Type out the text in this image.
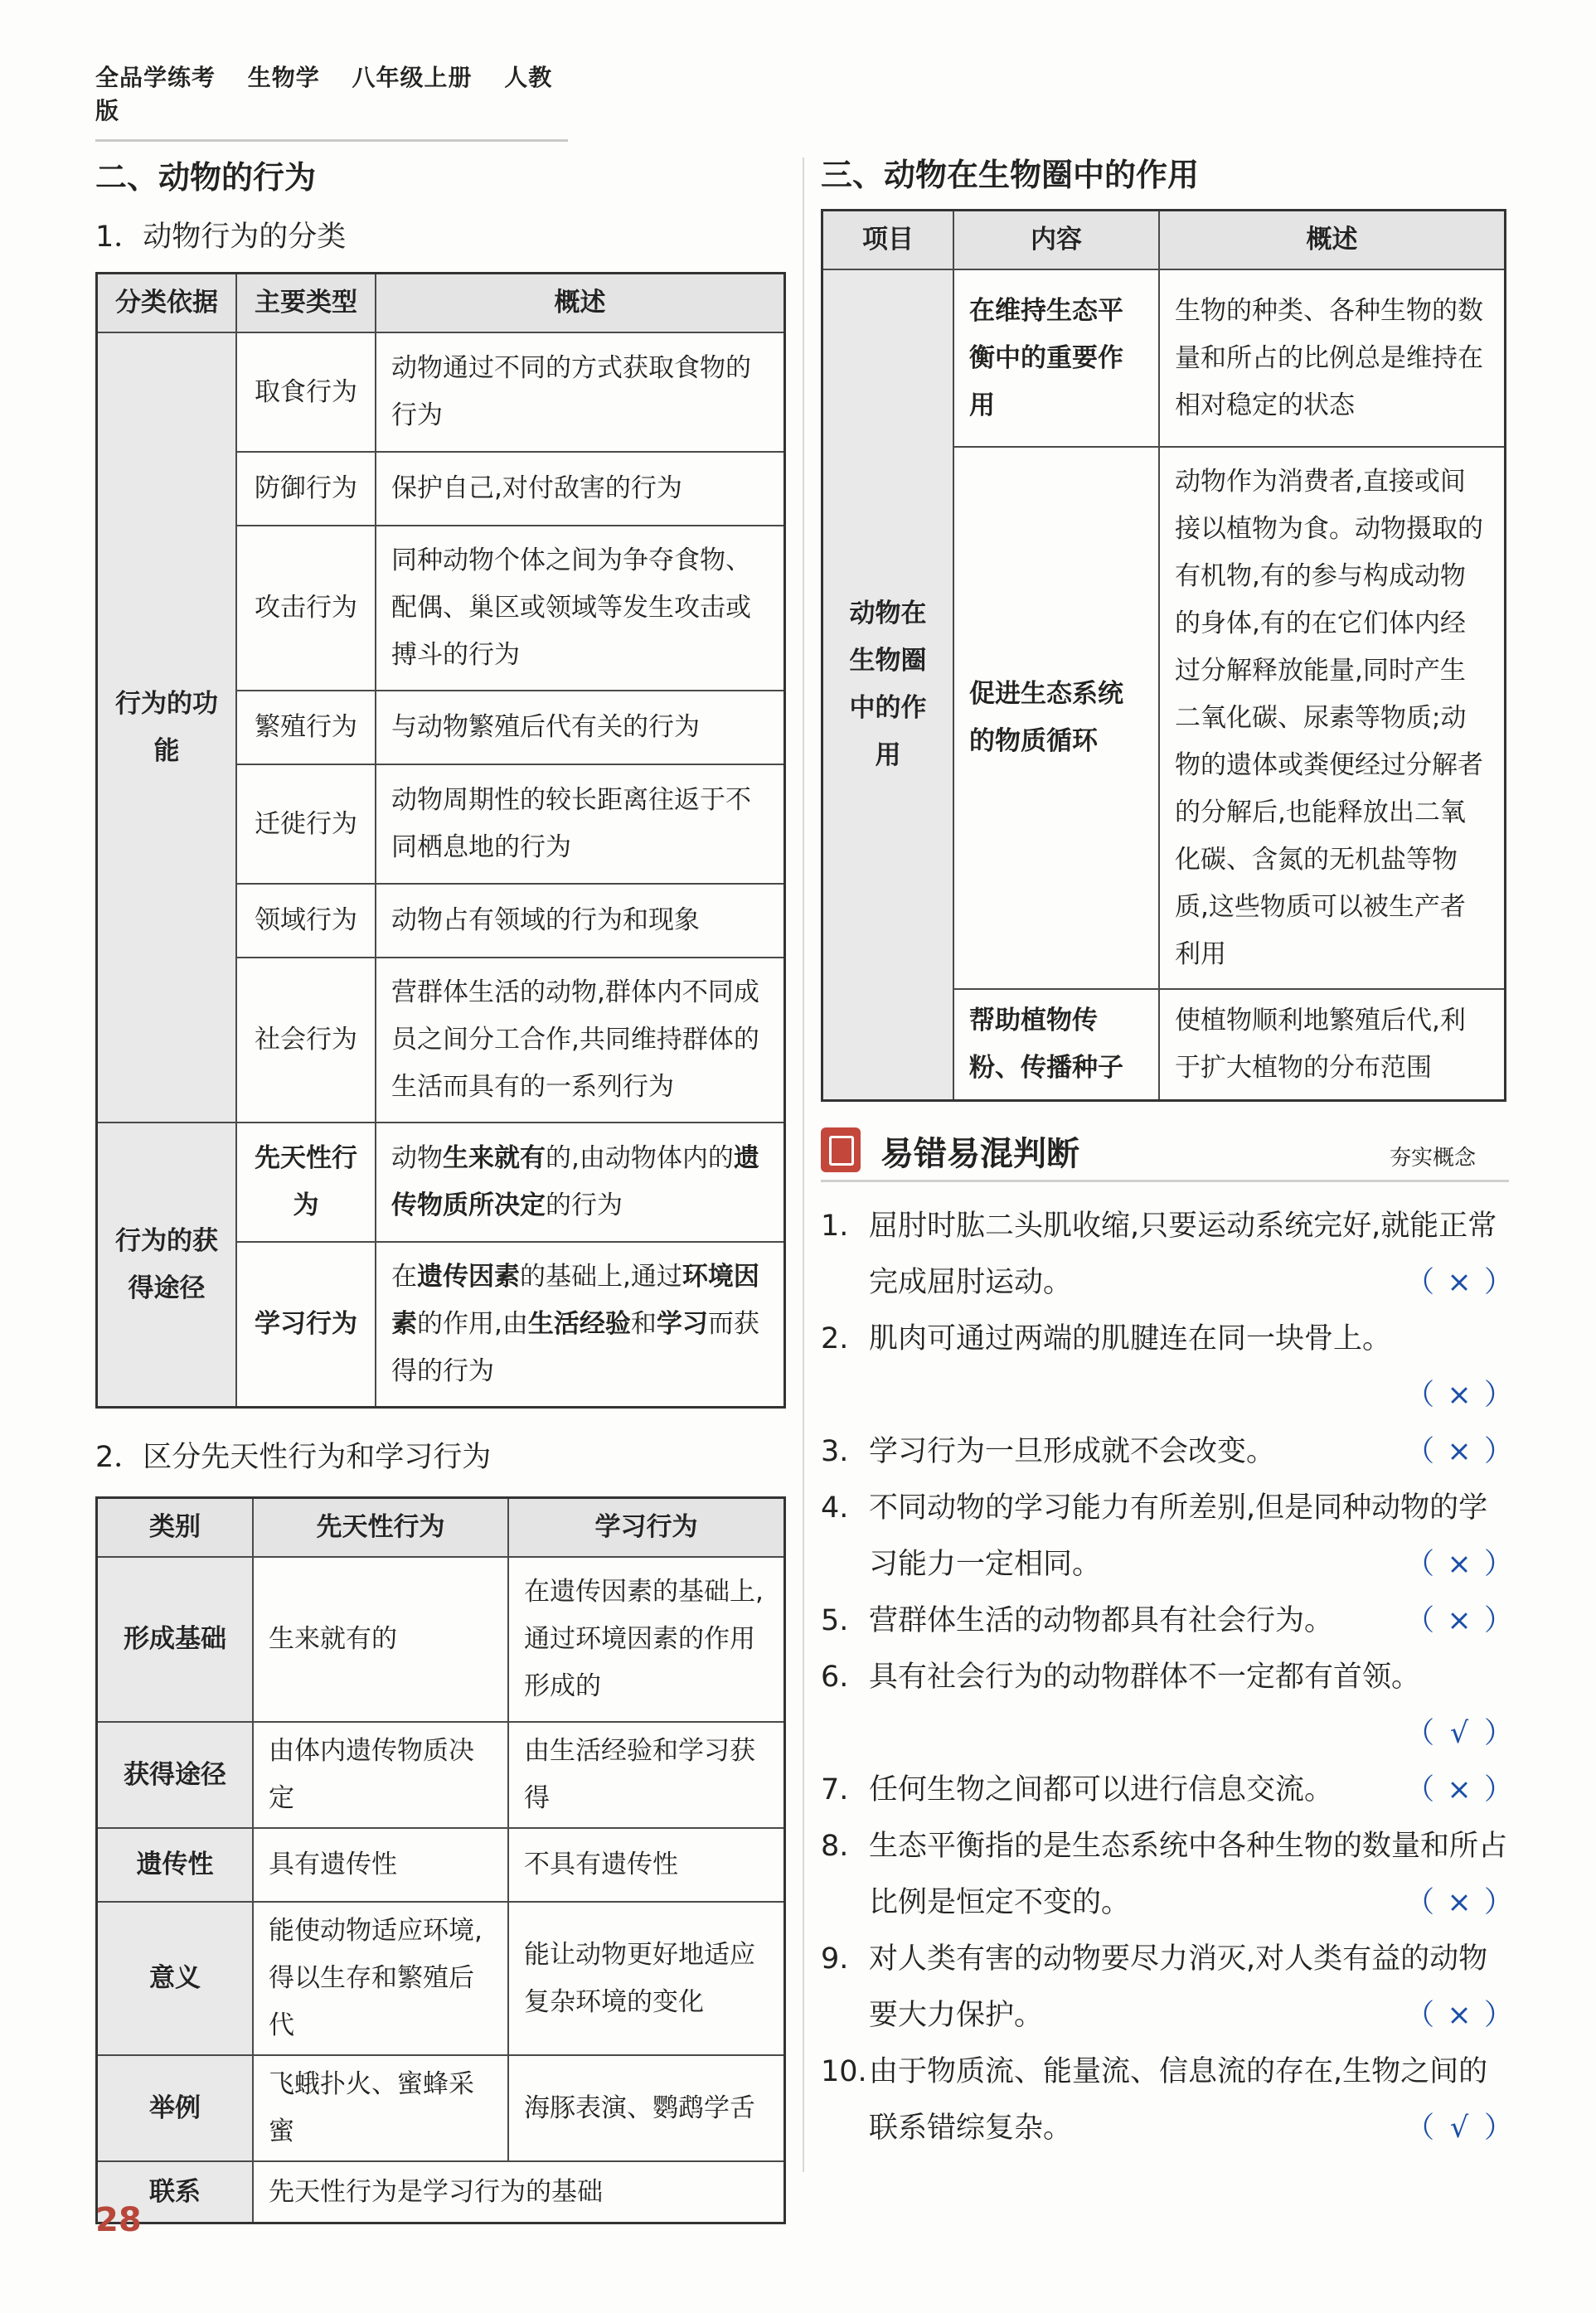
全品学练考 生物学 八年级上册 人教版
二、动物的行为
1．动物行为的分类
分类依据	主要类型	概述
行为的功能	取食行为	动物通过不同的方式获取食物的行为
	防御行为	保护自己,对付敌害的行为
	攻击行为	同种动物个体之间为争夺食物、配偶、巢区或领域等发生攻击或搏斗的行为
	繁殖行为	与动物繁殖后代有关的行为
	迁徙行为	动物周期性的较长距离往返于不同栖息地的行为
	领域行为	动物占有领域的行为和现象
	社会行为	营群体生活的动物,群体内不同成员之间分工合作,共同维持群体的生活而具有的一系列行为
行为的获得途径	先天性行为	动物生来就有的,由动物体内的遗传物质所决定的行为
	学习行为	在遗传因素的基础上,通过环境因素的作用,由生活经验和学习而获得的行为
2．区分先天性行为和学习行为
类别	先天性行为	学习行为
形成基础	生来就有的	在遗传因素的基础上,通过环境因素的作用形成的
获得途径	由体内遗传物质决定	由生活经验和学习获得
遗传性	具有遗传性	不具有遗传性
意义	能使动物适应环境,得以生存和繁殖后代	能让动物更好地适应复杂环境的变化
举例	飞蛾扑火、蜜蜂采蜜	海豚表演、鹦鹉学舌
联系	先天性行为是学习行为的基础	
三、动物在生物圈中的作用
项目	内容	概述
动物在生物圈中的作用	在维持生态平衡中的重要作用	生物的种类、各种生物的数量和所占的比例总是维持在相对稳定的状态
	促进生态系统的物质循环	动物作为消费者,直接或间接以植物为食。动物摄取的有机物,有的参与构成动物的身体,有的在它们体内经过分解释放能量,同时产生二氧化碳、尿素等物质;动物的遗体或粪便经过分解者的分解后,也能释放出二氧化碳、含氮的无机盐等物质,这些物质可以被生产者利用
	帮助植物传粉、传播种子	使植物顺利地繁殖后代,利于扩大植物的分布范围
易错易混判断	夯实概念
1. 屈肘时肱二头肌收缩,只要运动系统完好,就能正常完成屈肘运动。	（ × ）
2. 肌肉可通过两端的肌腱连在同一块骨上。

（ × ）
3. 学习行为一旦形成就不会改变。	（ × ）
4. 不同动物的学习能力有所差别,但是同种动物的学习能力一定相同。	（ × ）
5. 营群体生活的动物都具有社会行为。 （ × ）
6. 具有社会行为的动物群体不一定都有首领。

（ √ ）
7. 任何生物之间都可以进行信息交流。 （ × ）
8. 生态平衡指的是生态系统中各种生物的数量和所占比例是恒定不变的。	（ × ）
9. 对人类有害的动物要尽力消灭,对人类有益的动物要大力保护。	（ × ）
10. 由于物质流、能量流、信息流的存在,生物之间的联系错综复杂。	（ √ ）
28
